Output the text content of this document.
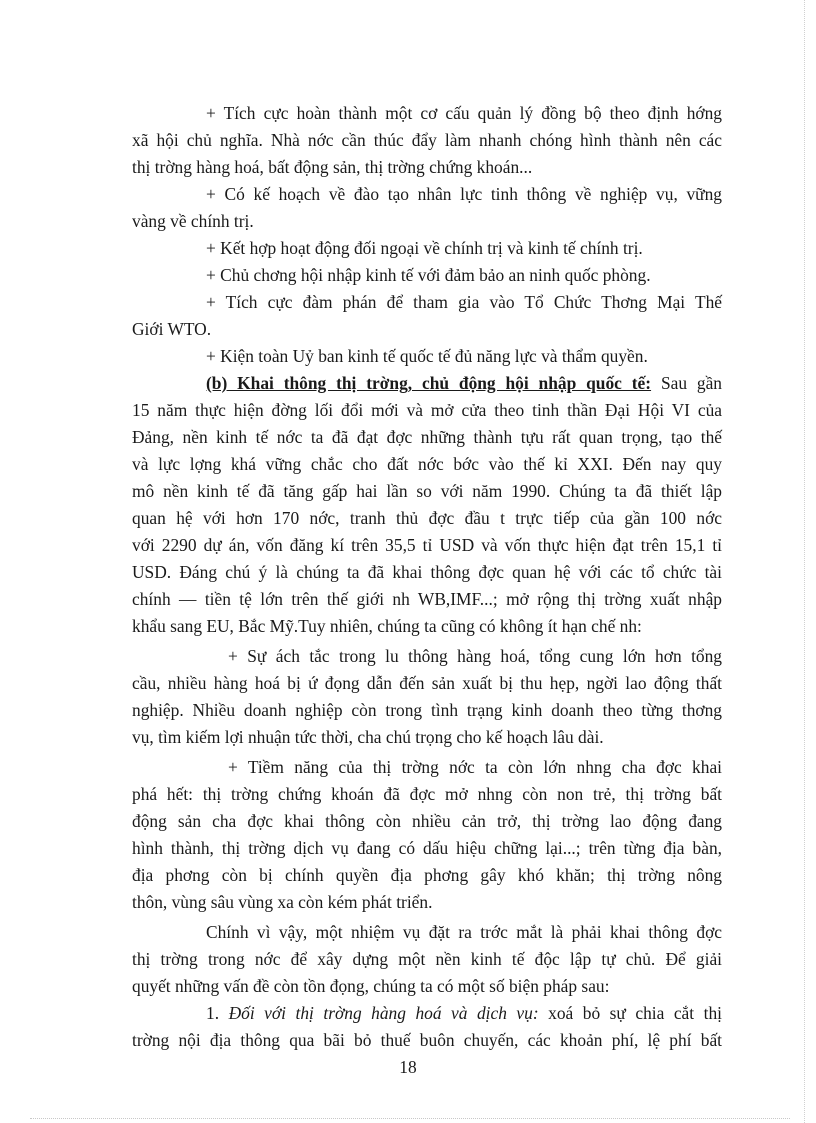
+ Tích cực hoàn thành một cơ cấu quản lý đồng bộ theo định hớng
xã hội chủ nghĩa. Nhà nớc cần thúc đẩy làm nhanh chóng hình thành nên các
thị trờng hàng hoá, bất động sản, thị trờng chứng khoán...
+ Có kế hoạch về đào tạo nhân lực tinh thông về nghiệp vụ, vững
vàng về chính trị.
+ Kết hợp hoạt động đối ngoại về chính trị và kinh tế chính trị.
+ Chủ chơng hội nhập kinh tế với đảm bảo an ninh quốc phòng.
+ Tích cực đàm phán để tham gia vào Tổ Chức Thơng Mại Thế
Giới WTO.
+ Kiện toàn Uỷ ban kinh tế quốc tế đủ năng lực và thẩm quyền.
(b) Khai thông thị trờng, chủ động hội nhập quốc tế: Sau gần
15 năm thực hiện đờng lối đổi mới và mở cửa theo tinh thần Đại Hội VI của
Đảng, nền kinh tế nớc ta đã đạt đợc những thành tựu rất quan trọng, tạo thế
và lực lợng khá vững chắc cho đất nớc bớc vào thế kỉ XXI. Đến nay quy
mô nền kinh tế đã tăng gấp hai lần so với năm 1990. Chúng ta đã thiết lập
quan hệ với hơn 170 nớc, tranh thủ đợc đầu t trực tiếp của gần 100 nớc
với 2290 dự án, vốn đăng kí trên 35,5 tỉ USD và vốn thực hiện đạt trên 15,1 tỉ
USD. Đáng chú ý là chúng ta đã khai thông đợc quan hệ với các tổ chức tài
chính — tiền tệ lớn trên thế giới nh WB,IMF...; mở rộng thị trờng xuất nhập
khẩu sang EU, Bắc Mỹ.Tuy nhiên, chúng ta cũng có không ít hạn chế nh:
+ Sự ách tắc trong lu thông hàng hoá, tổng cung lớn hơn tổng
cầu, nhiều hàng hoá bị ứ đọng dẫn đến sản xuất bị thu hẹp, ngời lao động thất
nghiệp. Nhiều doanh nghiệp còn trong tình trạng kinh doanh theo từng thơng
vụ, tìm kiếm lợi nhuận tức thời, cha chú trọng cho kế hoạch lâu dài.
+ Tiềm năng của thị trờng nớc ta còn lớn nhng cha đợc khai
phá hết: thị trờng chứng khoán đã đợc mở nhng còn non trẻ, thị trờng bất
động sản cha đợc khai thông còn nhiều cản trở, thị trờng lao động đang
hình thành, thị trờng dịch vụ đang có dấu hiệu chững lại...; trên từng địa bàn,
địa phơng còn bị chính quyền địa phơng gây khó khăn; thị trờng nông
thôn, vùng sâu vùng xa còn kém phát triển.
Chính vì vậy, một nhiệm vụ đặt ra trớc mắt là phải khai thông đợc
thị trờng trong nớc để xây dựng một nền kinh tế độc lập tự chủ. Để giải
quyết những vấn đề còn tồn đọng, chúng ta có một số biện pháp sau:
1. Đối với thị trờng hàng hoá và dịch vụ: xoá bỏ sự chia cắt thị
trờng nội địa thông qua bãi bỏ thuế buôn chuyến, các khoản phí, lệ phí bất
18
